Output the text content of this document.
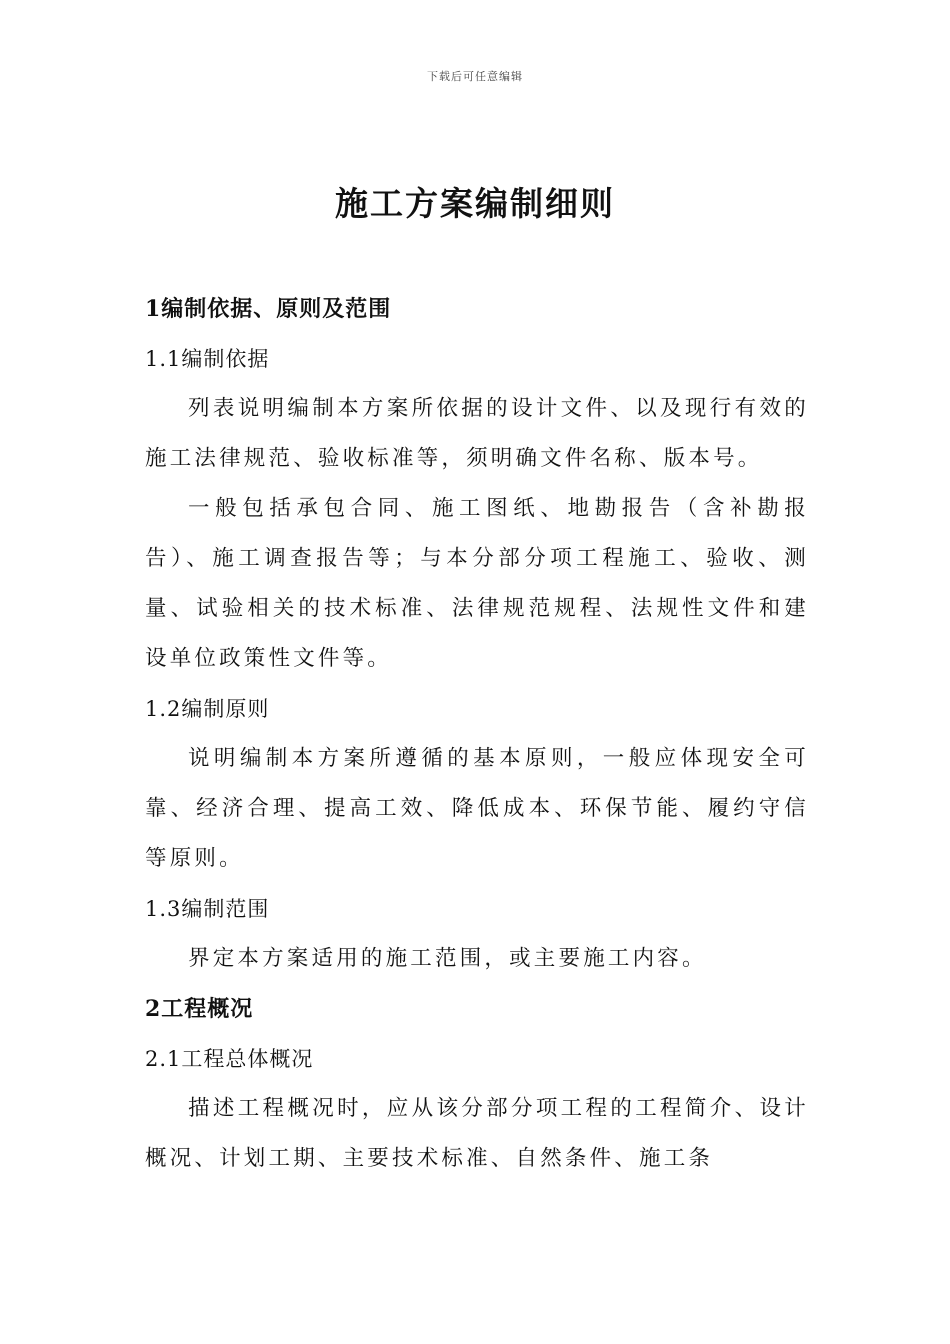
下载后可任意编辑
施工方案编制细则

1编制依据、原则及范围

1.1编制依据

列表说明编制本方案所依据的设计文件、以及现行有效的施工法律规范、验收标准等，须明确文件名称、版本号。

一般包括承包合同、施工图纸、地勘报告（含补勘报告）、施工调查报告等；与本分部分项工程施工、验收、测量、试验相关的技术标准、法律规范规程、法规性文件和建设单位政策性文件等。

1.2编制原则

说明编制本方案所遵循的基本原则，一般应体现安全可靠、经济合理、提高工效、降低成本、环保节能、履约守信等原则。

1.3编制范围

界定本方案适用的施工范围，或主要施工内容。

2工程概况

2.1工程总体概况

描述工程概况时，应从该分部分项工程的工程简介、设计概况、计划工期、主要技术标准、自然条件、施工条
